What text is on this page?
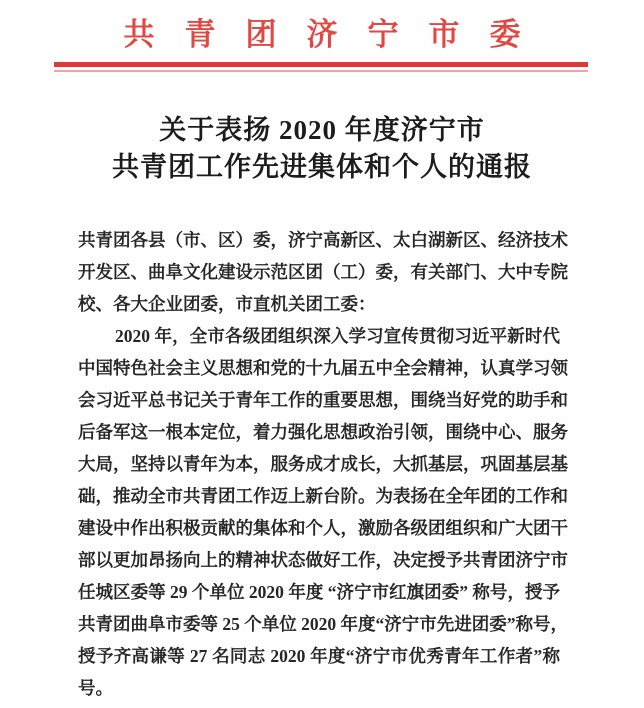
共青团济宁市委
关于表扬 2020 年度济宁市
共青团工作先进集体和个人的通报
共青团各县（市、区）委，济宁高新区、太白湖新区、经济技术
开发区、曲阜文化建设示范区团（工）委，有关部门、大中专院
校、各大企业团委，市直机关团工委：
2020 年，全市各级团组织深入学习宣传贯彻习近平新时代
中国特色社会主义思想和党的十九届五中全会精神，认真学习领
会习近平总书记关于青年工作的重要思想，围绕当好党的助手和
后备军这一根本定位，着力强化思想政治引领，围绕中心、服务
大局，坚持以青年为本，服务成才成长，大抓基层，巩固基层基
础，推动全市共青团工作迈上新台阶。为表扬在全年团的工作和
建设中作出积极贡献的集体和个人，激励各级团组织和广大团干
部以更加昂扬向上的精神状态做好工作，决定授予共青团济宁市
任城区委等 29 个单位 2020 年度 “济宁市红旗团委” 称号，授予
共青团曲阜市委等 25 个单位 2020 年度“济宁市先进团委”称号，
授予齐高谦等 27 名同志 2020 年度“济宁市优秀青年工作者”称
号。
